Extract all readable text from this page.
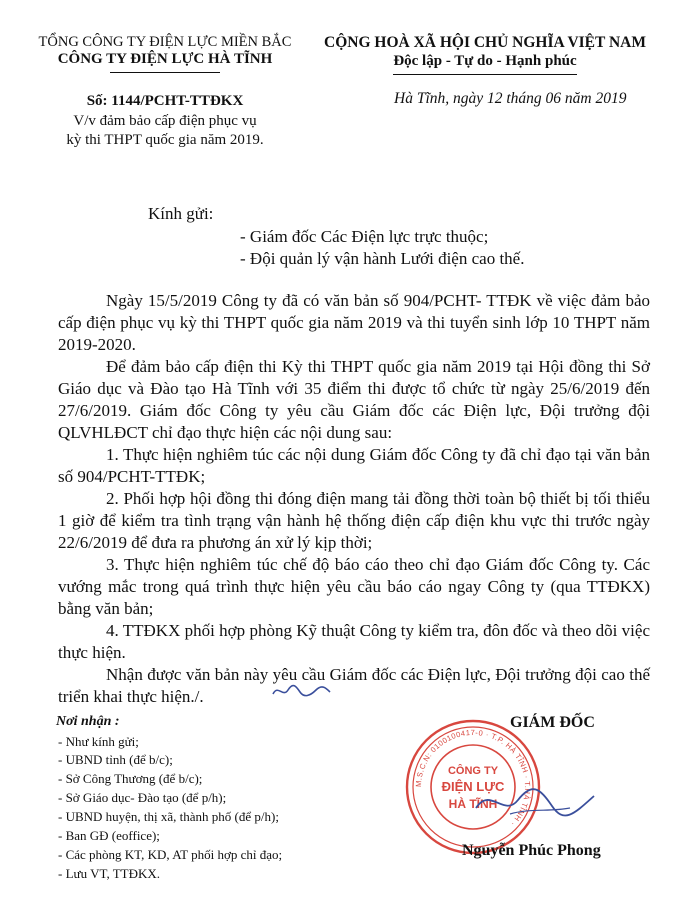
TỔNG CÔNG TY ĐIỆN LỰC MIỀN BẮC
CÔNG TY ĐIỆN LỰC HÀ TĨNH
Số: 1144/PCHT-TTĐKX
V/v đảm bảo cấp điện phục vụ
kỳ thi THPT quốc gia năm 2019.
CỘNG HOÀ XÃ HỘI CHỦ NGHĨA VIỆT NAM
Độc lập - Tự do - Hạnh phúc
Hà Tĩnh, ngày 12 tháng 06 năm 2019
Kính gửi:
- Giám đốc Các Điện lực trực thuộc;
- Đội quản lý vận hành Lưới điện cao thế.
Ngày 15/5/2019 Công ty đã có văn bản số 904/PCHT- TTĐK về việc đảm bảo cấp điện phục vụ kỳ thi THPT quốc gia năm 2019 và thi tuyển sinh lớp 10 THPT năm 2019-2020.
Để đảm bảo cấp điện thi Kỳ thi THPT quốc gia năm 2019 tại Hội đồng thi Sở Giáo dục và Đào tạo Hà Tĩnh với 35 điểm thi được tổ chức từ ngày 25/6/2019 đến 27/6/2019. Giám đốc Công ty yêu cầu Giám đốc các Điện lực, Đội trưởng đội QLVHLĐCT chỉ đạo thực hiện các nội dung sau:
1. Thực hiện nghiêm túc các nội dung Giám đốc Công ty đã chỉ đạo tại văn bản số 904/PCHT-TTĐK;
2. Phối hợp hội đồng thi đóng điện mang tải đồng thời toàn bộ thiết bị tối thiểu 1 giờ để kiểm tra tình trạng vận hành hệ thống điện cấp điện khu vực thi trước ngày 22/6/2019 để đưa ra phương án xử lý kịp thời;
3. Thực hiện nghiêm túc chế độ báo cáo theo chỉ đạo Giám đốc Công ty. Các vướng mắc trong quá trình thực hiện yêu cầu báo cáo ngay Công ty (qua TTĐKX) bằng văn bản;
4. TTĐKX phối hợp phòng Kỹ thuật Công ty kiểm tra, đôn đốc và theo dõi việc thực hiện.
Nhận được văn bản này yêu cầu Giám đốc các Điện lực, Đội trưởng đội cao thế triển khai thực hiện./.
Nơi nhận :
- Như kính gửi;
- UBND tỉnh (để b/c);
- Sở Công Thương (để b/c);
- Sở Giáo dục- Đào tạo (để p/h);
- UBND huyện, thị xã, thành phố (để p/h);
- Ban GĐ (eoffice);
- Các phòng KT, KD, AT phối hợp chỉ đạo;
- Lưu VT, TTĐKX.
GIÁM ĐỐC
M.S.C.N: 0100100417-0 · T.P. HÀ TĨNH · T.HÀ TĨNH ·
CÔNG TY
ĐIỆN LỰC
HÀ TĨNH
Nguyễn Phúc Phong
